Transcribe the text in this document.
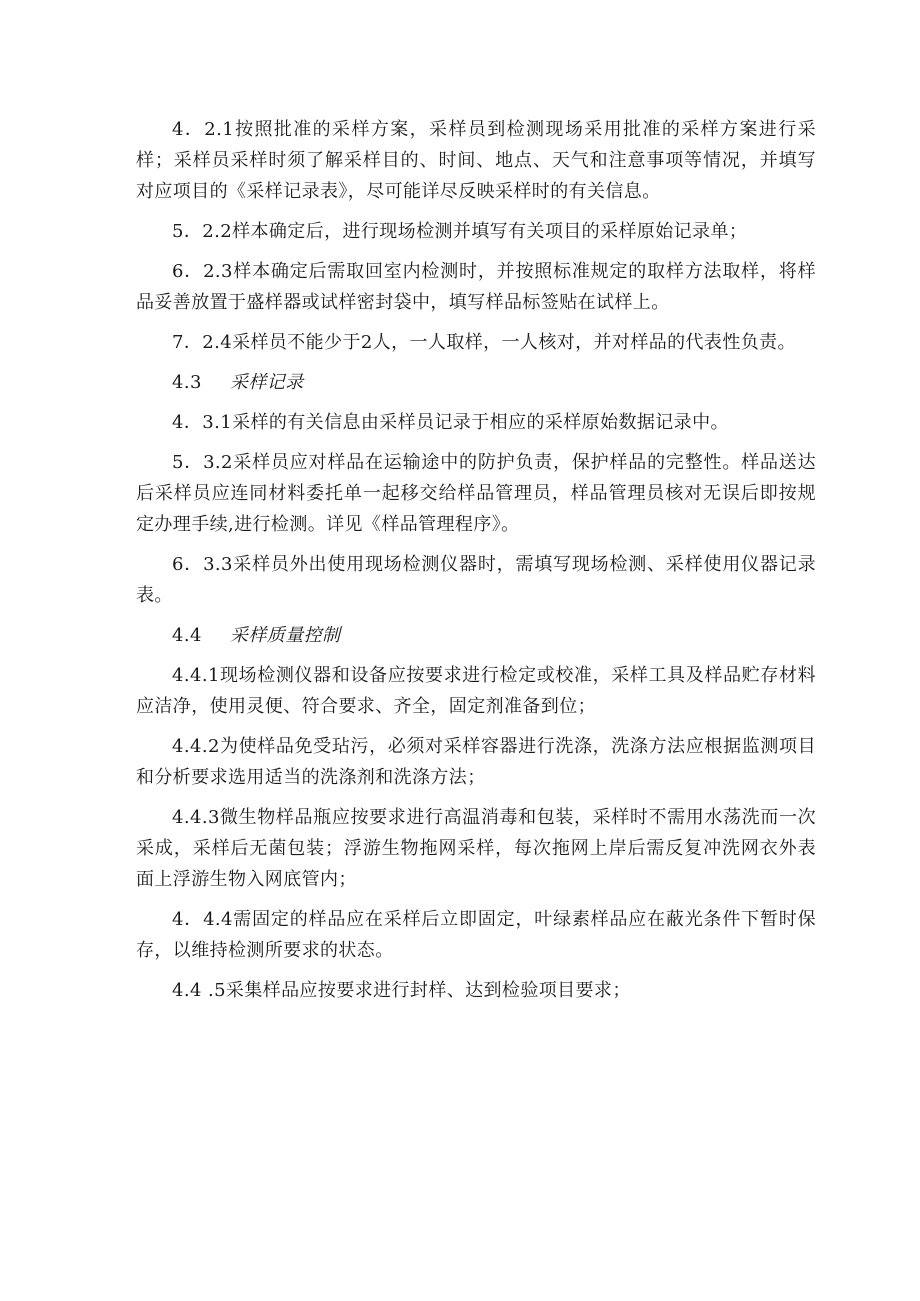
4．2.1按照批准的采样方案，采样员到检测现场采用批准的采样方案进行采样；采样员采样时须了解采样目的、时间、地点、天气和注意事项等情况，并填写对应项目的《采样记录表》，尽可能详尽反映采样时的有关信息。

5．2.2样本确定后，进行现场检测并填写有关项目的采样原始记录单；

6．2.3样本确定后需取回室内检测时，并按照标准规定的取样方法取样，将样品妥善放置于盛样器或试样密封袋中，填写样品标签贴在试样上。

7．2.4采样员不能少于2人，一人取样，一人核对，并对样品的代表性负责。

4.3 采样记录

4．3.1采样的有关信息由采样员记录于相应的采样原始数据记录中。

5．3.2采样员应对样品在运输途中的防护负责，保护样品的完整性。样品送达后采样员应连同材料委托单一起移交给样品管理员，样品管理员核对无误后即按规定办理手续,进行检测。详见《样品管理程序》。

6．3.3采样员外出使用现场检测仪器时，需填写现场检测、采样使用仪器记录表。

4.4 采样质量控制

4.4.1现场检测仪器和设备应按要求进行检定或校准，采样工具及样品贮存材料应洁净，使用灵便、符合要求、齐全，固定剂准备到位；

4.4.2为使样品免受玷污，必须对采样容器进行洗涤，洗涤方法应根据监测项目和分析要求选用适当的洗涤剂和洗涤方法；

4.4.3微生物样品瓶应按要求进行高温消毒和包装，采样时不需用水荡洗而一次采成，采样后无菌包装；浮游生物拖网采样，每次拖网上岸后需反复冲洗网衣外表面上浮游生物入网底管内；

4．4.4需固定的样品应在采样后立即固定，叶绿素样品应在蔽光条件下暂时保存，以维持检测所要求的状态。

4.4 .5采集样品应按要求进行封样、达到检验项目要求；
